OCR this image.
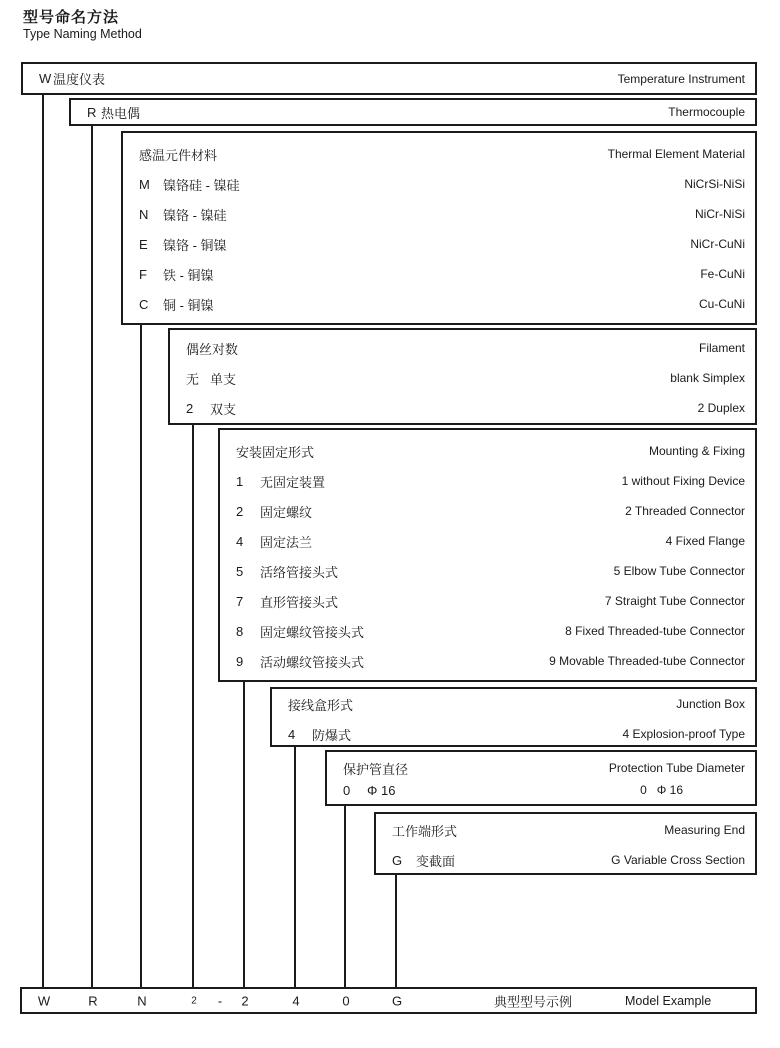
型号命名方法
Type Naming Method
W 温度仪表	Temperature Instrument
R 热电偶	Thermocouple
感温元件材料	Thermal Element Material
M	镍铬硅 - 镍硅	NiCrSi-NiSi
N	镍铬 - 镍硅	NiCr-NiSi
E	镍铬 - 铜镍	NiCr-CuNi
F	铁 - 铜镍	Fe-CuNi
C	铜 - 铜镍	Cu-CuNi
偶丝对数	Filament
无 单支	blank Simplex
2	双支	2 Duplex
安装固定形式	Mounting & Fixing
1	无固定装置	1 without Fixing Device
2	固定螺纹	2 Threaded Connector
4	固定法兰	4 Fixed Flange
5	活络管接头式	5 Elbow Tube Connector
7	直形管接头式	7 Straight Tube Connector
8	固定螺纹管接头式	8 Fixed Threaded-tube Connector
9	活动螺纹管接头式	9 Movable Threaded-tube Connector
接线盒形式	Junction Box
4	防爆式	4 Explosion-proof Type
保护管直径	Protection Tube Diameter
0	Φ 16	0   Φ 16
工作端形式	Measuring End
G	变截面	G Variable Cross Section
W	R	N	2 - 2	4	0	G	典型型号示例	Model Example
